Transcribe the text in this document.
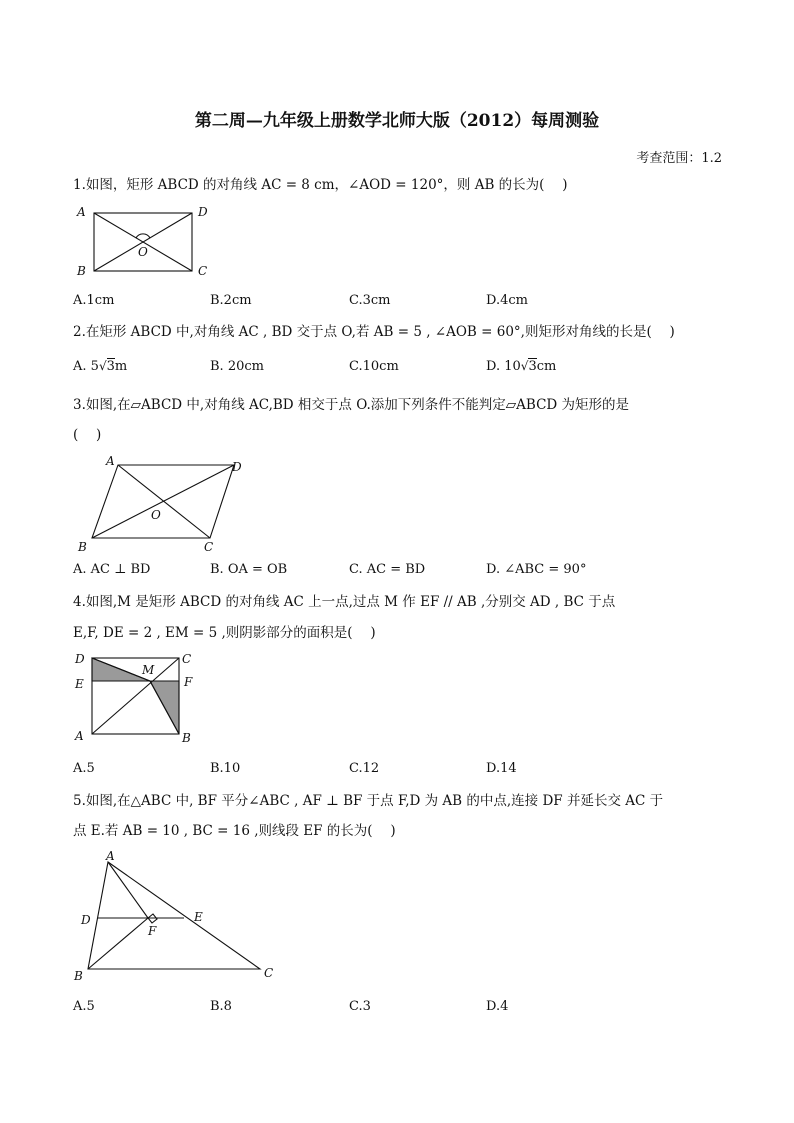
第二周—九年级上册数学北师大版（2012）每周测验
考查范围：1.2
1.如图，矩形 ABCD 的对角线 AC = 8 cm，∠AOD = 120°，则 AB 的长为(　 )
A
B	C
D
O
A.1cm	B.2cm	C.3cm	D.4cm
2.在矩形 ABCD 中,对角线 AC , BD 交于点 O,若 AB = 5 , ∠AOB = 60°,则矩形对角线的长是(　 )
A. 5√3m	B. 20cm	C.10cm	D. 10√3cm
3.如图,在▱ABCD 中,对角线 AC,BD 相交于点 O.添加下列条件不能判定▱ABCD 为矩形的是
(　 )
A
B	C
D
O
A. AC ⊥ BD	B. OA = OB	C. AC = BD	D. ∠ABC = 90°
4.如图,M 是矩形 ABCD 的对角线 AC 上一点,过点 M 作 EF // AB ,分别交 AD , BC 于点
E,F, DE = 2 , EM = 5 ,则阴影部分的面积是(　 )
D	C
M
E	F
A	B
A.5	B.10	C.12	D.14
5.如图,在△ABC 中, BF 平分∠ABC , AF ⊥ BF 于点 F,D 为 AB 的中点,连接 DF 并延长交 AC 于
点 E.若 AB = 10 , BC = 16 ,则线段 EF 的长为(　 )
A
D	E
F
B	C
A.5	B.8	C.3	D.4
